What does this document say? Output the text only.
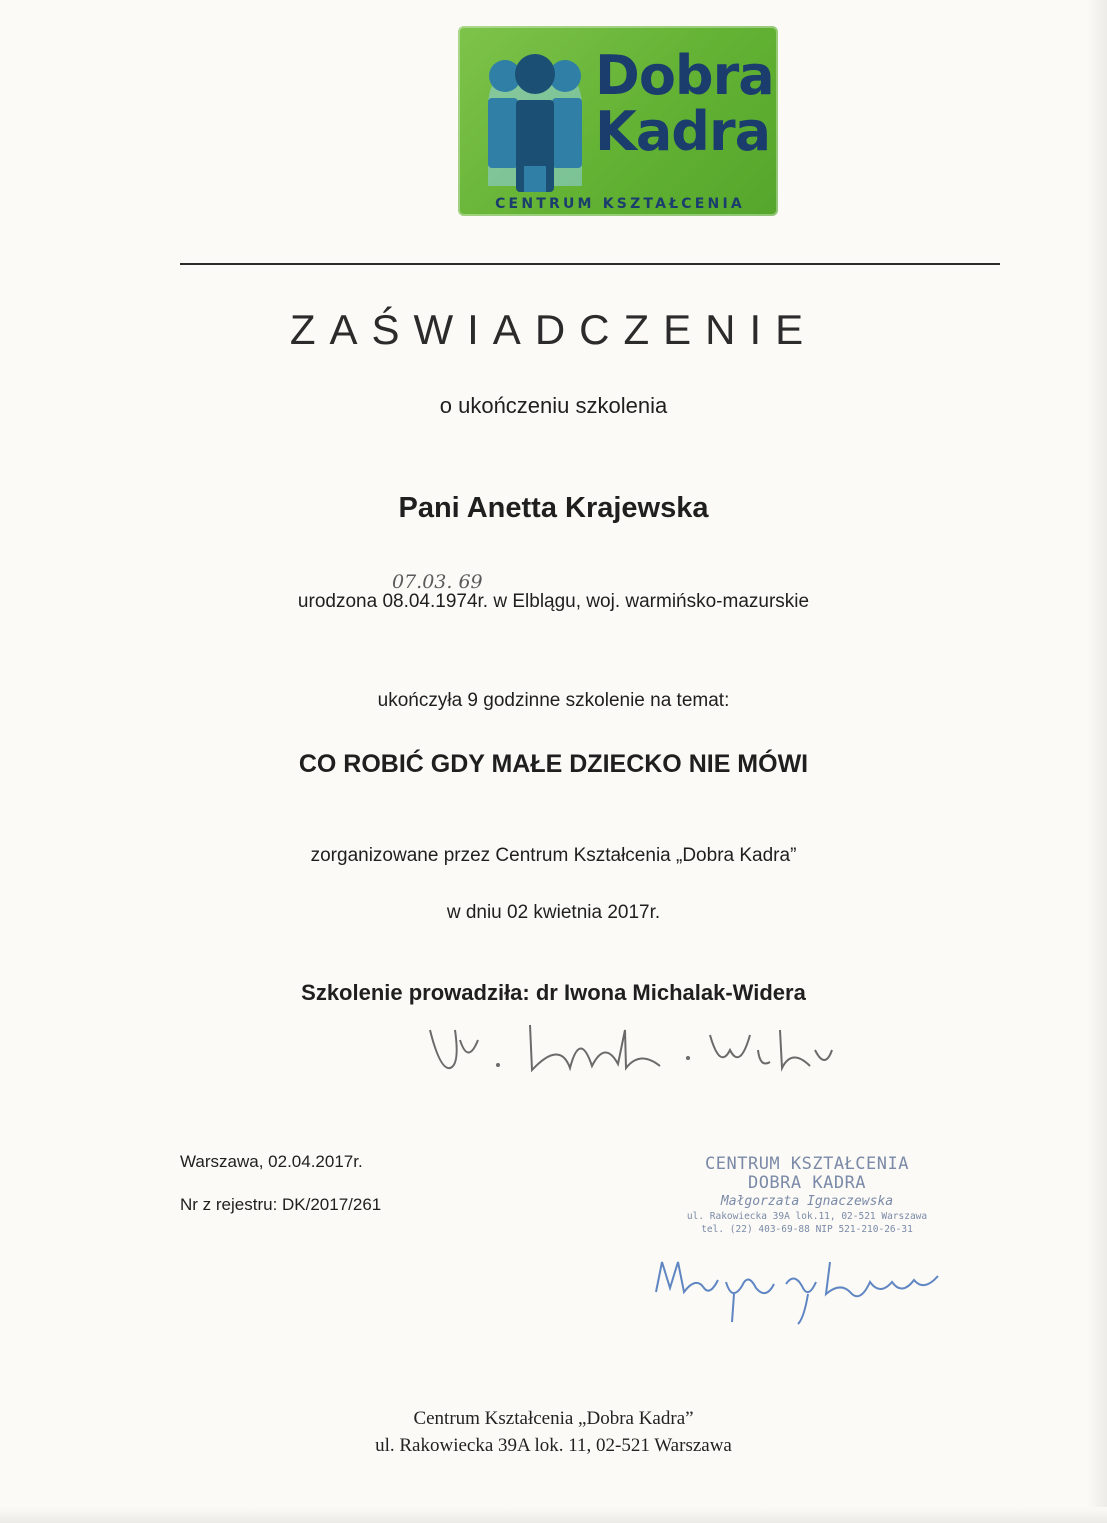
Dobra
Kadra
CENTRUM KSZTAŁCENIA
ZAŚWIADCZENIE
o ukończeniu szkolenia
Pani Anetta Krajewska
07.03. 69
urodzona 08.04.1974r. w Elblągu, woj. warmińsko-mazurskie
ukończyła 9 godzinne szkolenie na temat:
CO ROBIĆ GDY MAŁE DZIECKO NIE MÓWI
zorganizowane przez Centrum Kształcenia „Dobra Kadra”
w dniu 02 kwietnia 2017r.
Szkolenie prowadziła: dr Iwona Michalak-Widera
Warszawa, 02.04.2017r.
Nr z rejestru: DK/2017/261
CENTRUM KSZTAŁCENIA
DOBRA KADRA
Małgorzata Ignaczewska
ul. Rakowiecka 39A lok.11, 02-521 Warszawa
tel. (22) 403-69-88 NIP 521-210-26-31
Centrum Kształcenia „Dobra Kadra”
ul. Rakowiecka 39A lok. 11, 02-521 Warszawa
